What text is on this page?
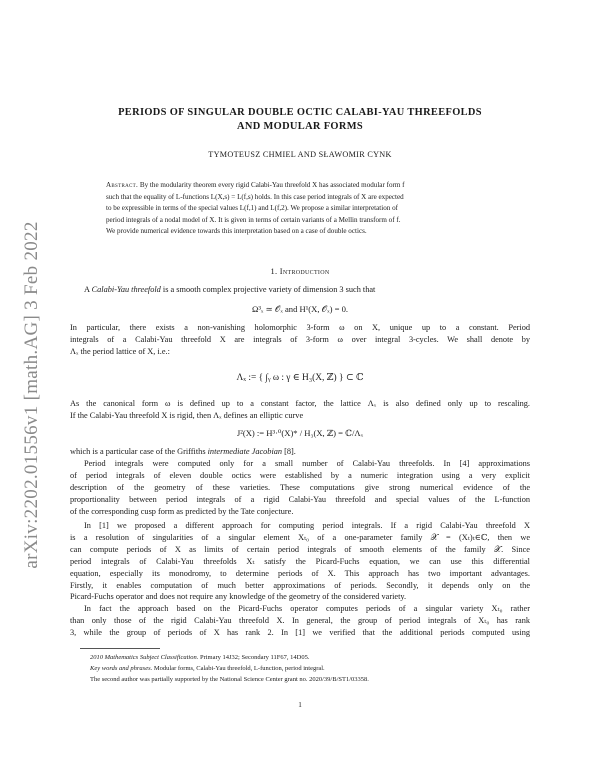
arXiv:2202.01556v1 [math.AG] 3 Feb 2022
PERIODS OF SINGULAR DOUBLE OCTIC CALABI-YAU THREEFOLDS
AND MODULAR FORMS
TYMOTEUSZ CHMIEL AND SŁAWOMIR CYNK
Abstract. By the modularity theorem every rigid Calabi-Yau threefold X has associated modular form f
such that the equality of L-functions L(X,s) = L(f,s) holds. In this case period integrals of X are expected
to be expressible in terms of the special values L(f,1) and L(f,2). We propose a similar interpretation of
period integrals of a nodal model of X. It is given in terms of certain variants of a Mellin transform of f.
We provide numerical evidence towards this interpretation based on a case of double octics.
1. Introduction
A Calabi-Yau threefold is a smooth complex projective variety of dimension 3 such that
Ω³ₓ ≃ 𝒪ₓ and H¹(X, 𝒪ₓ) = 0.
In particular, there exists a non-vanishing holomorphic 3-form ω on X, unique up to a constant. Period
integrals of a Calabi-Yau threefold X are integrals of 3-form ω over integral 3-cycles. We shall denote by
Λₓ the period lattice of X, i.e.:
Λₓ := { ∫ᵧ ω : γ ∈ H₃(X, ℤ) } ⊂ ℂ
As the canonical form ω is defined up to a constant factor, the lattice Λₓ is also defined only up to rescaling.
If the Calabi-Yau threefold X is rigid, then Λₓ defines an elliptic curve
J²(X) := H³·⁰(X)* / H₃(X, ℤ) = ℂ/Λₓ
which is a particular case of the Griffiths intermediate Jacobian [8].
Period integrals were computed only for a small number of Calabi-Yau threefolds. In [4] approximations
of period integrals of eleven double octics were established by a numeric integration using a very explicit
description of the geometry of these varieties. These computations give strong numerical evidence of the
proportionality between period integrals of a rigid Calabi-Yau threefold and special values of the L-function
of the corresponding cusp form as predicted by the Tate conjecture.
In [1] we proposed a different approach for computing period integrals. If a rigid Calabi-Yau threefold X
is a resolution of singularities of a singular element Xₜ₀ of a one-parameter family 𝒳 = (Xₜ)ₜ∈ℂ, then we
can compute periods of X as limits of certain period integrals of smooth elements of the family 𝒳. Since
period integrals of Calabi-Yau threefolds Xₜ satisfy the Picard-Fuchs equation, we can use this differential
equation, especially its monodromy, to determine periods of X. This approach has two important advantages.
Firstly, it enables computation of much better approximations of periods. Secondly, it depends only on the
Picard-Fuchs operator and does not require any knowledge of the geometry of the considered variety.
In fact the approach based on the Picard-Fuchs operator computes periods of a singular variety Xₜ₀ rather
than only those of the rigid Calabi-Yau threefold X. In general, the group of period integrals of Xₜ₀ has rank
3, while the group of periods of X has rank 2. In [1] we verified that the additional periods computed using
2010 Mathematics Subject Classification. Primary 14J32; Secondary 11F67, 14D05.
Key words and phrases. Modular forms, Calabi-Yau threefold, L-function, period integral.
The second author was partially supported by the National Science Center grant no. 2020/39/B/ST1/03358.
1
